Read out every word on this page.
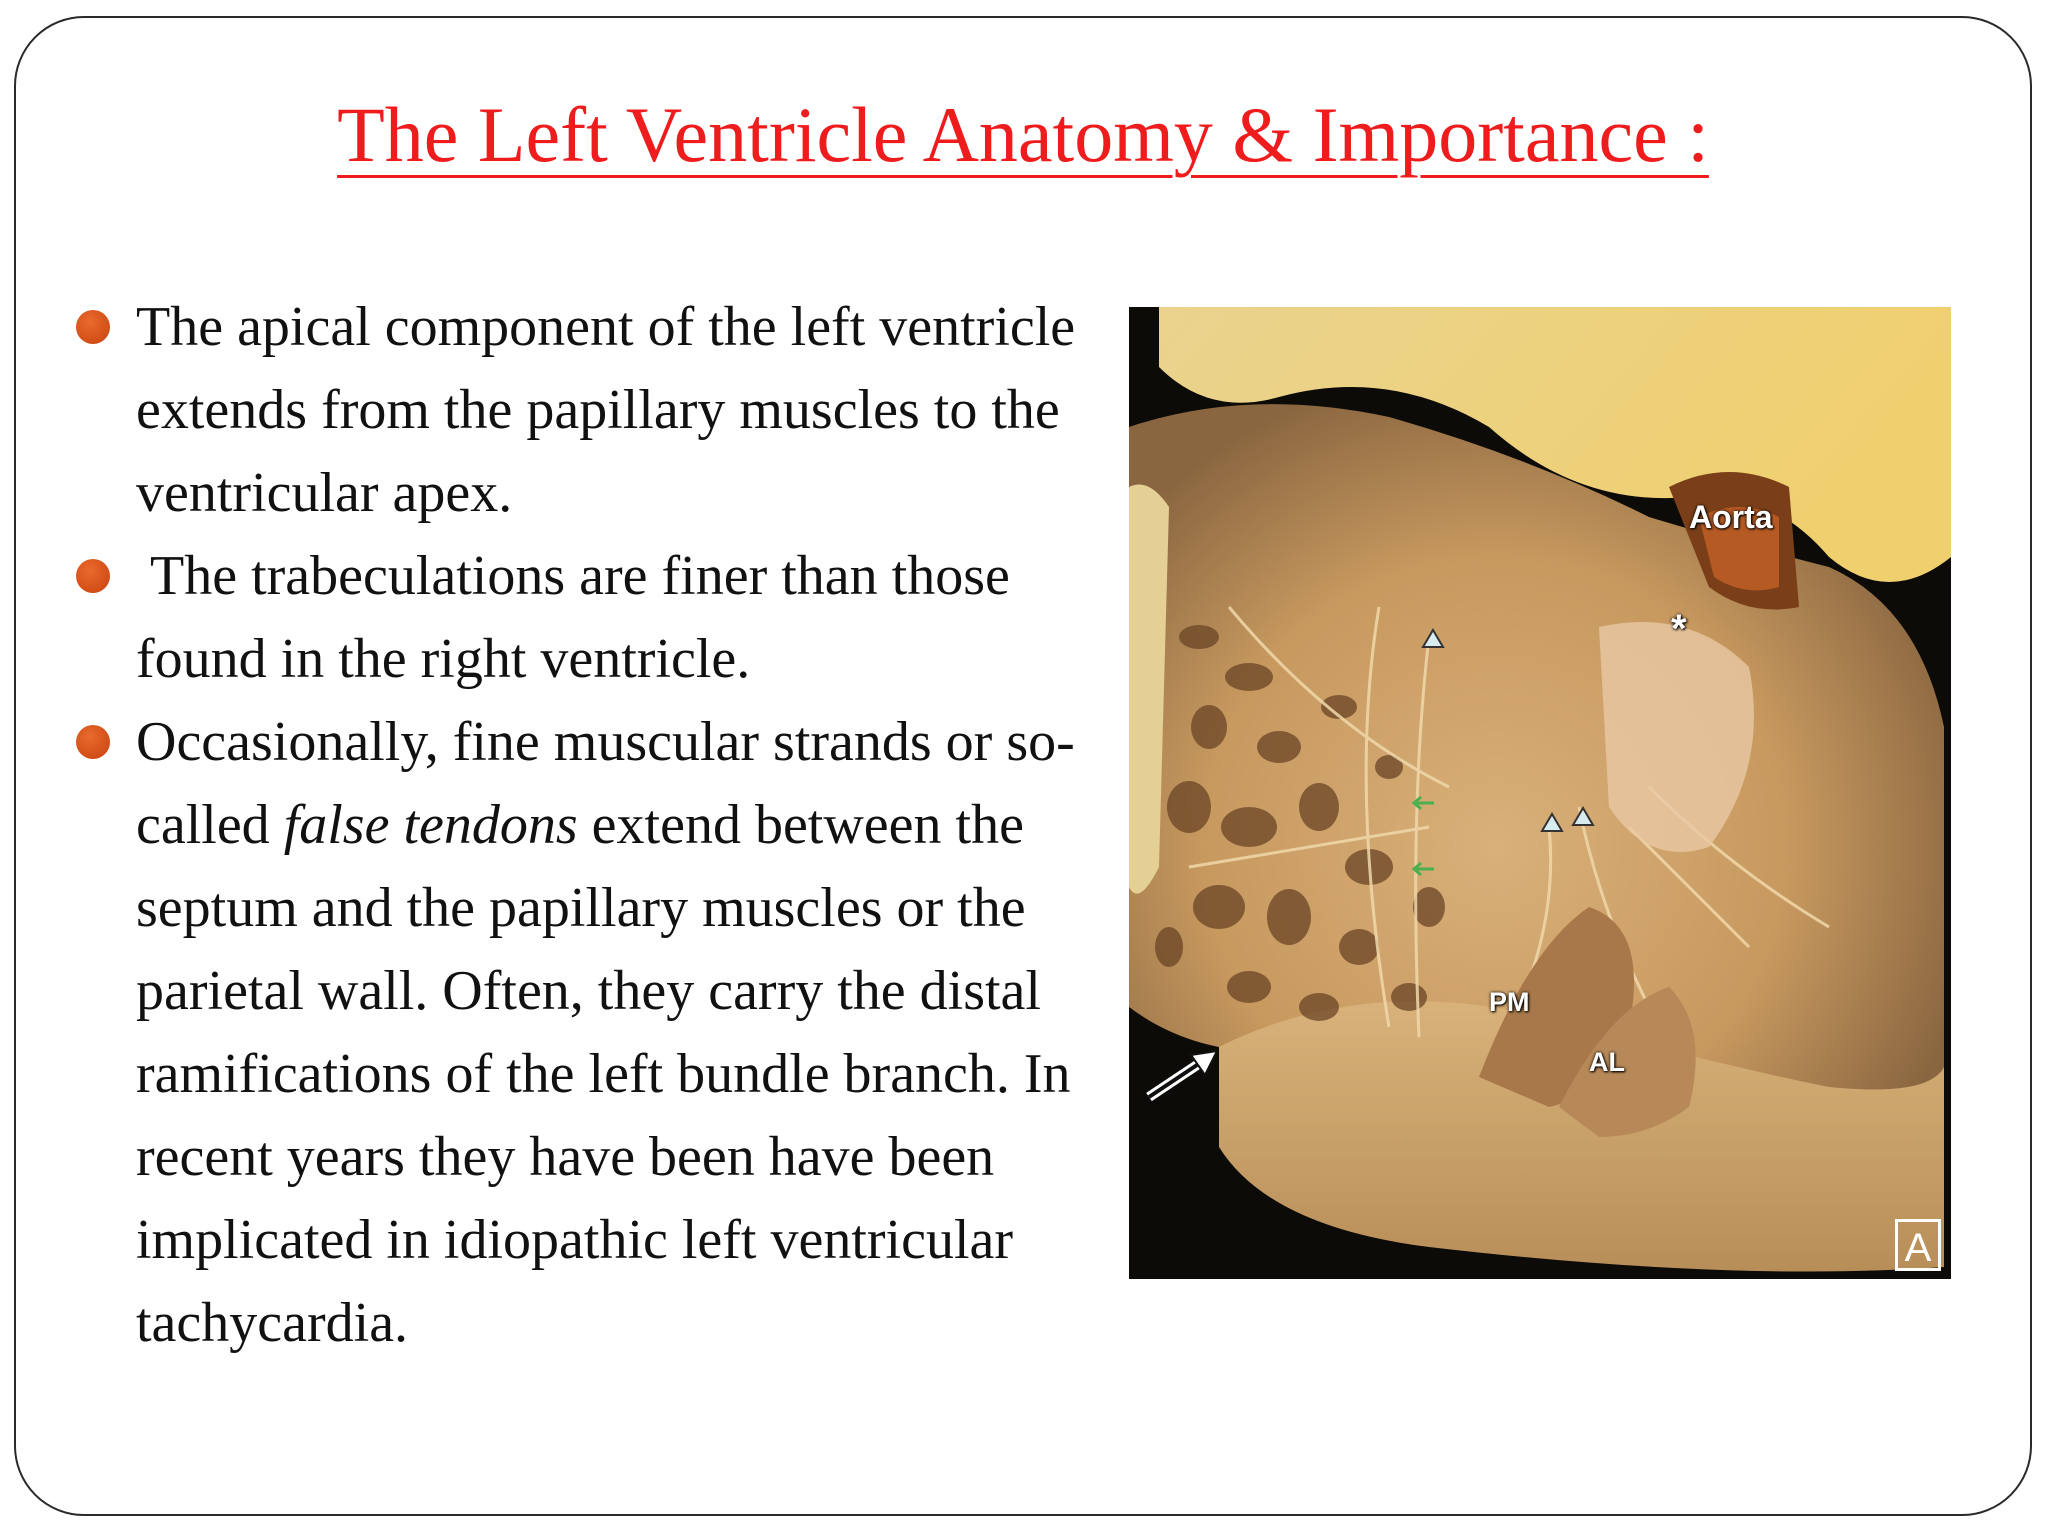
The Left Ventricle Anatomy & Importance :
The apical component of the left ventricle extends from the papillary muscles to the ventricular apex.
The trabeculations are finer than those found in the right ventricle.
Occasionally, fine muscular strands or so-called false tendons extend between the septum and the papillary muscles or the parietal wall. Often, they carry the distal ramifications of the left bundle branch. In recent years they have been have been implicated in idiopathic left ventricular tachycardia.
Aorta
*
PM
AL
A
